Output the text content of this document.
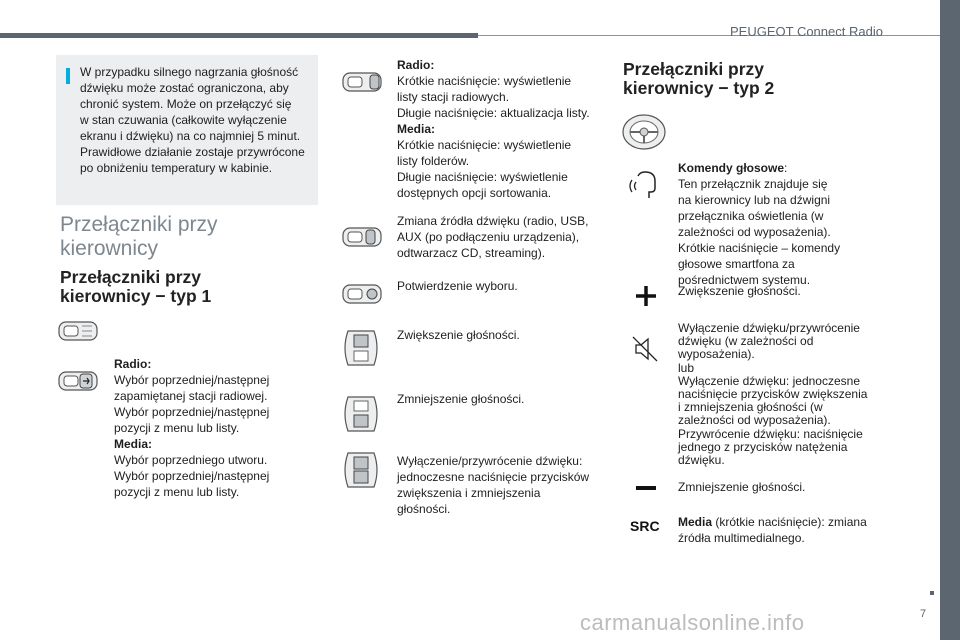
PEUGEOT Connect Radio
W przypadku silnego nagrzania głośność
dźwięku może zostać ograniczona, aby
chronić system. Może on przełączyć się
w stan czuwania (całkowite wyłączenie
ekranu i dźwięku) na co najmniej 5 minut.
Prawidłowe działanie zostaje przywrócone
po obniżeniu temperatury w kabinie.
Przełączniki przy
kierownicy
Przełączniki przy
kierownicy − typ 1
Radio:
Wybór poprzedniej/następnej
zapamiętanej stacji radiowej.
Wybór poprzedniej/następnej
pozycji z menu lub listy.
Media:
Wybór poprzedniego utworu.
Wybór poprzedniej/następnej
pozycji z menu lub listy.
Radio:
Krótkie naciśnięcie: wyświetlenie
listy stacji radiowych.
Długie naciśnięcie: aktualizacja listy.
Media:
Krótkie naciśnięcie: wyświetlenie
listy folderów.
Długie naciśnięcie: wyświetlenie
dostępnych opcji sortowania.
Zmiana źródła dźwięku (radio, USB,
AUX (po podłączeniu urządzenia),
odtwarzacz CD, streaming).
Potwierdzenie wyboru.
Zwiększenie głośności.
Zmniejszenie głośności.
Wyłączenie/przywrócenie dźwięku:
jednoczesne naciśnięcie przycisków
zwiększenia i zmniejszenia
głośności.
Przełączniki przy
kierownicy − typ 2
SRC
Komendy głosowe:
Ten przełącznik znajduje się
na kierownicy lub na dźwigni
przełącznika oświetlenia (w
zależności od wyposażenia).
Krótkie naciśnięcie – komendy
głosowe smartfona za
pośrednictwem systemu.
Zwiększenie głośności.
Wyłączenie dźwięku/przywrócenie
dźwięku (w zależności od
wyposażenia).
lub
Wyłączenie dźwięku: jednoczesne
naciśnięcie przycisków zwiększenia
i zmniejszenia głośności (w
zależności od wyposażenia).
Przywrócenie dźwięku: naciśnięcie
jednego z przycisków natężenia
dźwięku.
Zmniejszenie głośności.
Media (krótkie naciśnięcie): zmiana
źródła multimedialnego.
7
carmanualsonline.info
